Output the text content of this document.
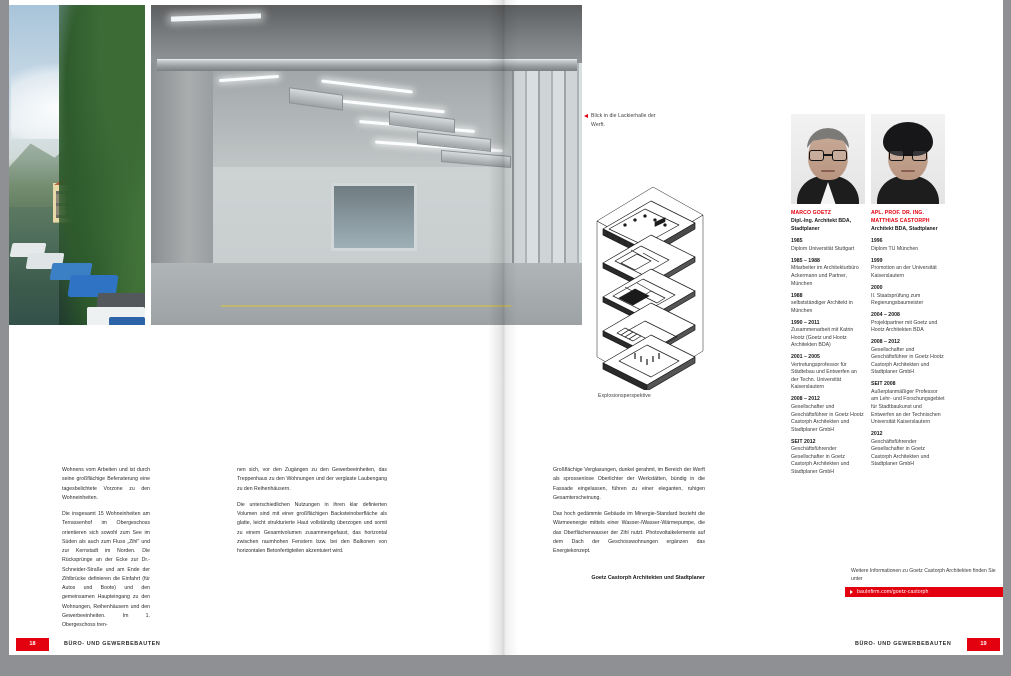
Blick in die Lackierhalle der Werft.
Explosionsperspektive
MARCO GOETZ
Dipl.-Ing. Architekt BDA, Stadtplaner
1985
Diplom Universität Stuttgart
1985 – 1988
Mitarbeiter im Architekturbüro Ackermann und Partner, München
1988
selbstständiger Architekt in München
1990 – 2011
Zusammenarbeit mit Katrin Hootz (Goetz und Hootz Architekten BDA)
2001 – 2005
Vertretungsprofessor für Städtebau und Entwerfen an der Techn. Universität Kaiserslautern
2008 – 2012
Gesellschafter und Geschäftsführer in Goetz Hootz Castorph Architekten und Stadtplaner GmbH
SEIT 2012
Geschäftsführender Gesellschafter in Goetz Castorph Architekten und Stadtplaner GmbH
APL. PROF. DR. ING. MATTHIAS CASTORPH
Architekt BDA, Stadtplaner
1996
Diplom TU München
1999
Promotion an der Universität Kaiserslautern
2000
II. Staatsprüfung zum Regierungsbaumeister
2004 – 2008
Projektpartner mit Goetz und Hootz Architekten BDA
2008 – 2012
Gesellschafter und Geschäftsführer in Goetz Hootz Castorph Architekten und Stadtplaner GmbH
SEIT 2008
Außerplanmäßiger Professor am Lehr- und Forschungsgebiet für Stadtbaukunst und Entwerfen an der Technischen Universität Kaiserslautern
2012
Geschäftsführender Gesellschafter in Goetz Castorph Architekten und Stadtplaner GmbH

Wohnens vom Arbeiten und ist durch seine großflächige Befensterung eine tagesbelichtete Vorzone zu den Wohneinheiten.

Die insgesamt 15 Wohneinheiten am Terrassenhof im Obergeschoss orientieren sich sowohl zum See im Süden als auch zum Fluss „Zihl" und zur Kernstadt im Norden. Die Rücksprünge an der Ecke zur Dr.-Schneider-Straße und am Ende der Zihlbrücke definieren die Einfahrt (für Autos und Boote) und den gemeinsamen Haupteingang zu den Wohnungen, Reihenhäusern und den Gewerbeeinheiten. Im 1. Obergeschoss tren-

nen sich, vor den Zugängen zu den Gewerbeeinheiten, das Treppenhaus zu den Wohnungen und der verglaste Laubengang zu den Reihenhäusern.

Die unterschiedlichen Nutzungen in ihren klar definierten Volumen sind mit einer großflächigen Backsteinoberfläche als glatte, leicht strukturierte Haut vollständig überzogen und somit zu einem Gesamtvolumen zusammengefasst, das horizontal zwischen raumhohen Fenstern bzw. bei den Balkonen von horizontalen Betonfertigteilen akzentuiert wird.

Großflächige Verglasungen, dunkel gerahmt, im Bereich der Werft als sprossenlose Oberlichter der Werkstätten, bündig in die Fassade eingelassen, führen zu einer eleganten, ruhigen Gesamterscheinung.

Das hoch gedämmte Gebäude im Minergie-Standard bezieht die Wärmeenergie mittels einer Wasser-/Wasser-Wärmepumpe, die das Oberflächenwasser der Zihl nutzt. Photovoltaikelemente auf dem Dach der Geschosswohnungen ergänzen das Energiekonzept.

Goetz Castorph Architekten und Stadtplaner
Weitere Informationen zu Goetz Castorph Architekten finden Sie unter
bauInfirm.com/goetz-castorph
18	BÜRO- UND GEWERBEBAUTEN	BÜRO- UND GEWERBEBAUTEN	19
